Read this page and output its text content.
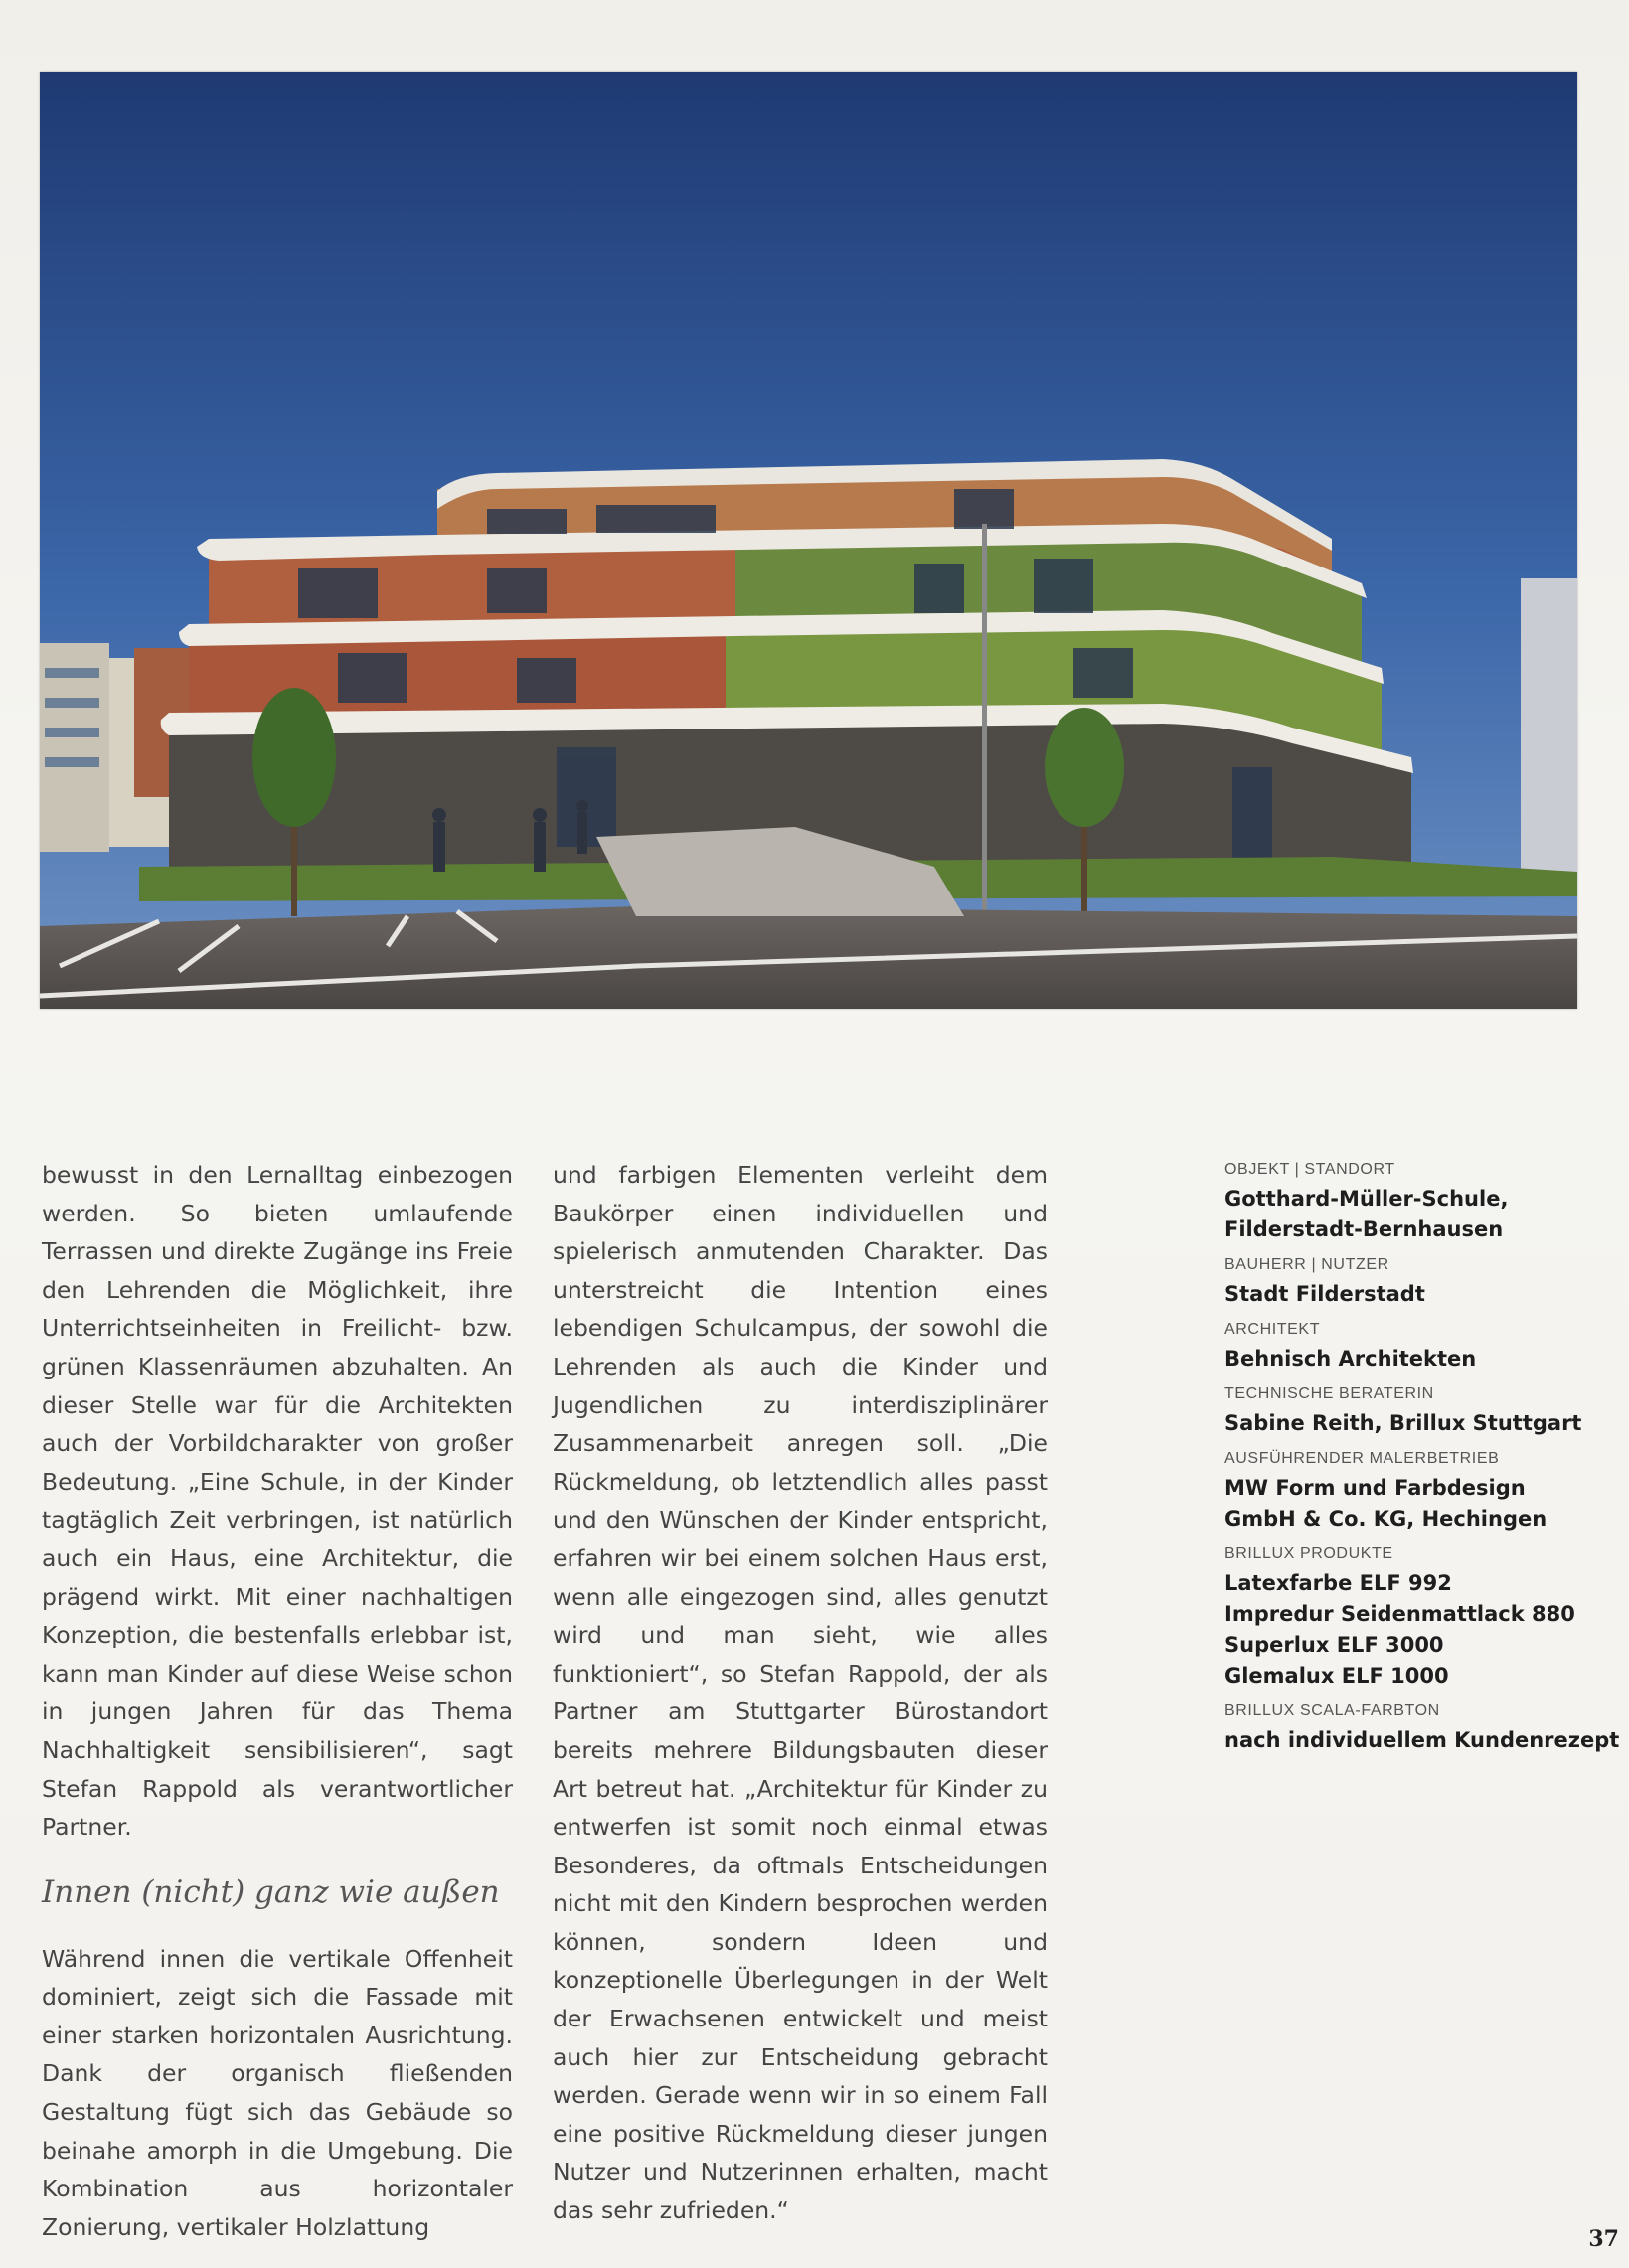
bewusst in den Lernalltag einbezogen werden. So bieten umlaufende Terrassen und direkte Zugänge ins Freie den Lehrenden die Möglichkeit, ihre Unterrichtseinheiten in Freilicht- bzw. grünen Klassenräumen abzuhalten. An dieser Stelle war für die Architekten auch der Vorbildcharakter von großer Bedeutung. „Eine Schule, in der Kinder tagtäglich Zeit verbringen, ist natürlich auch ein Haus, eine Architektur, die prägend wirkt. Mit einer nachhaltigen Konzeption, die bestenfalls erlebbar ist, kann man Kinder auf diese Weise schon in jungen Jahren für das Thema Nachhaltigkeit sensibilisieren“, sagt Stefan Rappold als verantwortlicher Partner.

Innen (nicht) ganz wie außen

Während innen die vertikale Offenheit dominiert, zeigt sich die Fassade mit einer starken horizontalen Ausrichtung. Dank der organisch fließenden Gestaltung fügt sich das Gebäude so beinahe amorph in die Umgebung. Die Kombination aus horizontaler Zonierung, vertikaler Holzlattung

und farbigen Elementen verleiht dem Baukörper einen individuellen und spielerisch anmutenden Charakter. Das unterstreicht die Intention eines lebendigen Schulcampus, der sowohl die Lehrenden als auch die Kinder und Jugendlichen zu interdisziplinärer Zusammenarbeit anregen soll. „Die Rückmeldung, ob letztendlich alles passt und den Wünschen der Kinder entspricht, erfahren wir bei einem solchen Haus erst, wenn alle eingezogen sind, alles genutzt wird und man sieht, wie alles funktioniert“, so Stefan Rappold, der als Partner am Stuttgarter Bürostandort bereits mehrere Bildungsbauten dieser Art betreut hat. „Architektur für Kinder zu entwerfen ist somit noch einmal etwas Besonderes, da oftmals Entscheidungen nicht mit den Kindern besprochen werden können, sondern Ideen und konzeptionelle Überlegungen in der Welt der Erwachsenen entwickelt und meist auch hier zur Entscheidung gebracht werden. Gerade wenn wir in so einem Fall eine positive Rückmeldung dieser jungen Nutzer und Nutzerinnen erhalten, macht das sehr zufrieden.“

OBJEKT | STANDORT
Gotthard-Müller-Schule,
Filderstadt-Bernhausen
BAUHERR | NUTZER
Stadt Filderstadt
ARCHITEKT
Behnisch Architekten
TECHNISCHE BERATERIN
Sabine Reith, Brillux Stuttgart
AUSFÜHRENDER MALERBETRIEB
MW Form und Farbdesign
GmbH & Co. KG, Hechingen
BRILLUX PRODUKTE
Latexfarbe ELF 992
Impredur Seidenmattlack 880
Superlux ELF 3000
Glemalux ELF 1000
BRILLUX SCALA-FARBTON
nach individuellem Kundenrezept
37
